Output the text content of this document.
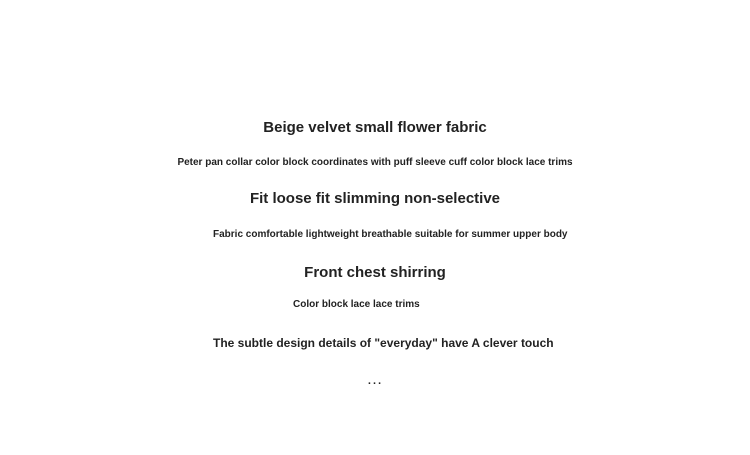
Beige velvet small flower fabric

Peter pan collar color block coordinates with puff sleeve cuff color block lace trims

Fit loose fit slimming non-selective

Fabric comfortable lightweight breathable suitable for summer upper body

Front chest shirring

Color block lace lace trims

The subtle design details of "everyday" have A clever touch

…
